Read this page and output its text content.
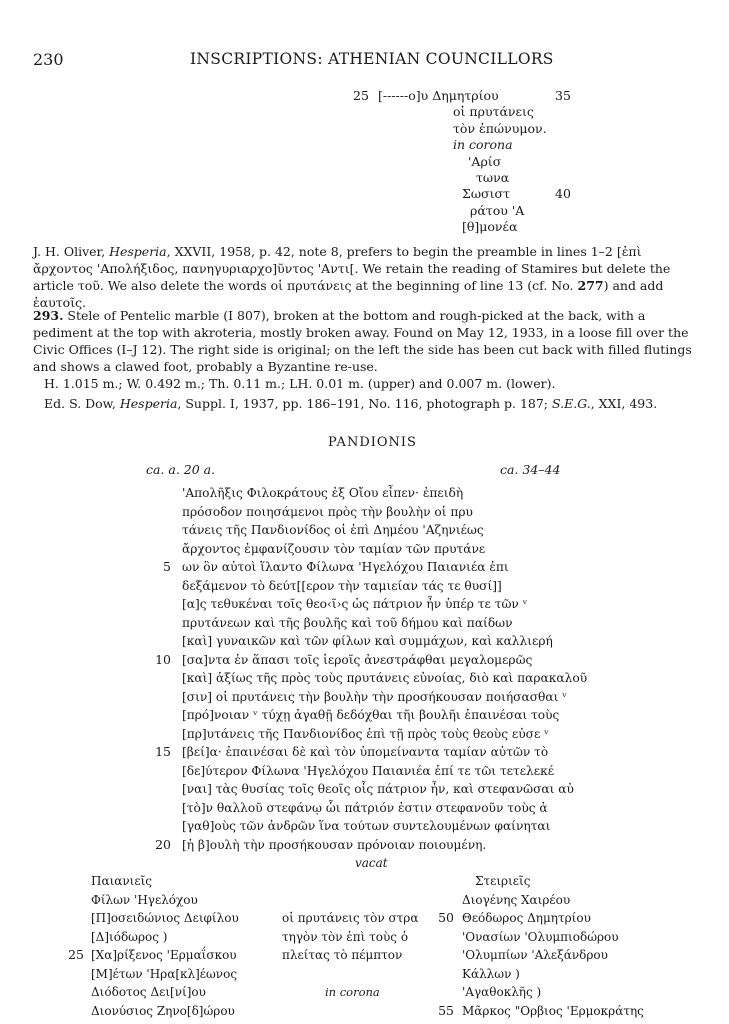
230	INSCRIPTIONS: ATHENIAN COUNCILLORS
25 [------ο]υ Δημητρίου	35
οἱ πρυτάνεις
τὸν ἐπώνυμον.
in corona
'Αρίσ
τωνα
Σωσιστ	40
ράτου 'Α
[θ]μονέα
J. H. Oliver, Hesperia, XXVII, 1958, p. 42, note 8, prefers to begin the preamble in lines 1–2 [ἐπὶ ἄρχοντος 'Απολήξιδος, πανηγυριαρχο]ῦντος 'Αντι[. We retain the reading of Stamires but delete the article τοῦ. We also delete the words οἱ πρυτάνεις at the beginning of line 13 (cf. No. 277) and add ἑαυτοῖς.
293. Stele of Pentelic marble (I 807), broken at the bottom and rough-picked at the back, with a pediment at the top with akroteria, mostly broken away. Found on May 12, 1933, in a loose fill over the Civic Offices (I–J 12). The right side is original; on the left the side has been cut back with filled flutings and shows a clawed foot, probably a Byzantine re-use.
H. 1.015 m.; W. 0.492 m.; Th. 0.11 m.; LH. 0.01 m. (upper) and 0.007 m. (lower).
Ed. S. Dow, Hesperia, Suppl. I, 1937, pp. 186–191, No. 116, photograph p. 187; S.E.G., XXI, 493.
PANDIONIS
ca. a. 20 a.	ca. 34–44
'Απολῆξις Φιλοκράτους ἐξ Οἴου εἶπεν· ἐπειδὴ
πρόσοδον ποιησάμενοι πρὸς τὴν βουλὴν οἱ πρυ
τάνεις τῆς Πανδιονίδος οἱ ἐπὶ Δημέου 'Αζηνιέως
ἄρχοντος ἐμφανίζουσιν τὸν ταμίαν τῶν πρυτάνε
5 ων ὃν αὐτοὶ ἵλαντο Φίλωνα 'Ηγελόχου Παιανιέα ἐπι
δεξάμενον τὸ δεύτ[[ερον τὴν ταμιείαν τάς τε θυσί]]
[α]ς τεθυκέναι τοῖς θεο‹ῖ›ς ὡς πάτριον ἦν ὑπέρ τε τῶν ᵛ
πρυτάνεων καὶ τῆς βουλῆς καὶ τοῦ δήμου καὶ παίδων
[καὶ] γυναικῶν καὶ τῶν φίλων καὶ συμμάχων, καὶ καλλιερή
10 [σα]ντα ἐν ἅπασι τοῖς ἱεροῖς ἀνεστράφθαι μεγαλομερῶς
[καὶ] ἀξίως τῆς πρὸς τοὺς πρυτάνεις εὐνοίας, διὸ καὶ παρακαλοῦ
[σιν] οἱ πρυτάνεις τὴν βουλὴν τὴν προσήκουσαν ποιήσασθαι ᵛ
[πρό]νοιαν ᵛ τύχῃ ἀγαθῇ δεδόχθαι τῆι βουλῆι ἐπαινέσαι τοὺς
[πρ]υτάνεις τῆς Πανδιονίδος ἐπὶ τῇ πρὸς τοὺς θεοὺς εὐσε ᵛ
15 [βεί]α· ἐπαινέσαι δὲ καὶ τὸν ὑπομείναντα ταμίαν αὐτῶν τὸ
[δε]ύτερον Φίλωνα 'Ηγελόχου Παιανιέα ἐπί τε τῶι τετελεκέ
[ναι] τὰς θυσίας τοῖς θεοῖς οἷς πάτριον ἦν, καὶ στεφανῶσαι αὐ
[τὸ]ν θαλλοῦ στεφάνῳ ὧι πάτριόν ἐστιν στεφανοῦν τοὺς ἀ
[γαθ]οὺς τῶν ἀνδρῶν ἵνα τούτων συντελουμένων φαίνηται
20 [ἡ β]ουλὴ τὴν προσήκουσαν πρόνοιαν ποιουμένη.
vacat
Παιανιεῖς
Φίλων 'Ηγελόχου
[Π]οσειδώνιος Δειφίλου
[Δ]ιόδωρος )
25 [Χα]ρίξενος 'Ερμαΐσκου
[Μ]έτων 'Ηρα[κλ]έωνος
Διόδοτος Δει[νί]ου
Διονύσιος Ζηνο[δ]ώρου
οἱ πρυτάνεις τὸν στρα
τηγὸν τὸν ἐπὶ τοὺς ὁ
πλείτας τὸ πέμπτον
in corona
Στειριεῖς
Διογένης Χαιρέου
50 Θεόδωρος Δημητρίου
'Ονασίων 'Ολυμπιοδώρου
'Ολυμπίων 'Αλεξάνδρου
Κάλλων )
'Αγαθοκλῆς )
55 Μᾶρκος "Ορβιος 'Ερμοκράτης
